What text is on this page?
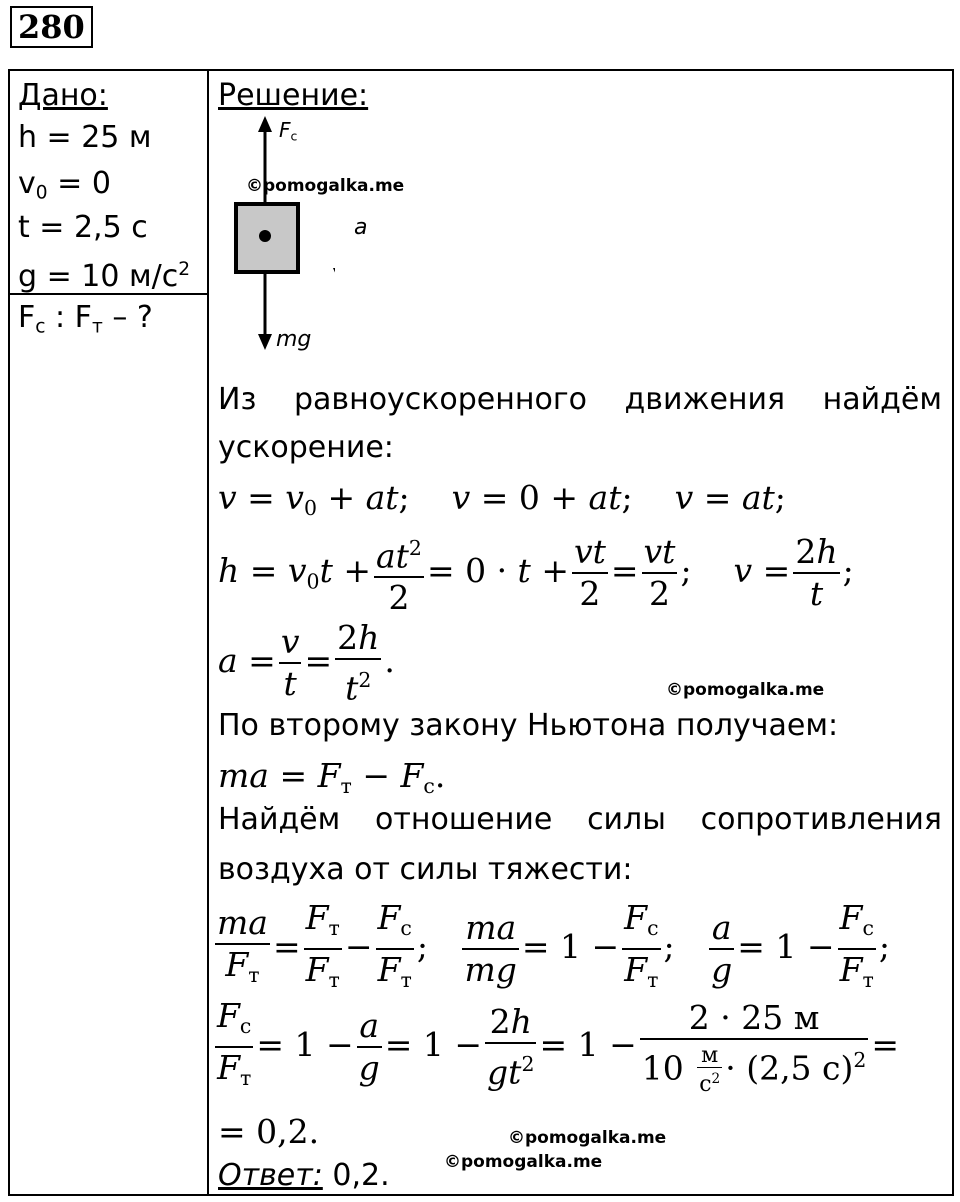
280
Дано:
h = 25 м
$v_0 = 0$
t = 2,5 с
g = 10 $м/с^2$
$F_с$ : $F_т$ – ?
Решение:
$F_c$
a
mg
©pomogalka.me
Из равноускоренного движения найдём
ускорение:
$v = v_0$ + at;    v = 0 + at;    v = at;
$h = v_0t + \frac{at^2}{2} = 0 \cdot t + \frac{vt}{2} = \frac{vt}{2}$ ;    $v = \frac{2h}{t}$ ;
$a = \frac{v}{t} = \frac{2h}{t^2}$ .
©pomogalka.me
По второму закону Ньютона получаем:
ma = $F_т - F_с$.
Найдём отношение силы сопротивления
воздуха от силы тяжести:
$\frac{ma}{F_т} = \frac{F_т}{F_т} - \frac{F_с}{F_т}$ ; $\frac{ma}{mg} = 1 - \frac{F_с}{F_т}$ ; $\frac{a}{g} = 1 - \frac{F_с}{F_т}$ ;
$\frac{F_с}{F_т} = 1 - \frac{a}{g} = 1 - \frac{2h}{gt^2} = 1 - \frac{2 \cdot 25 м}{10 \frac{м}{с^2} \cdot (2,5 с)^2}$ =
= 0,2.	©pomogalka.me
©pomogalka.me
Ответ: 0,2.
